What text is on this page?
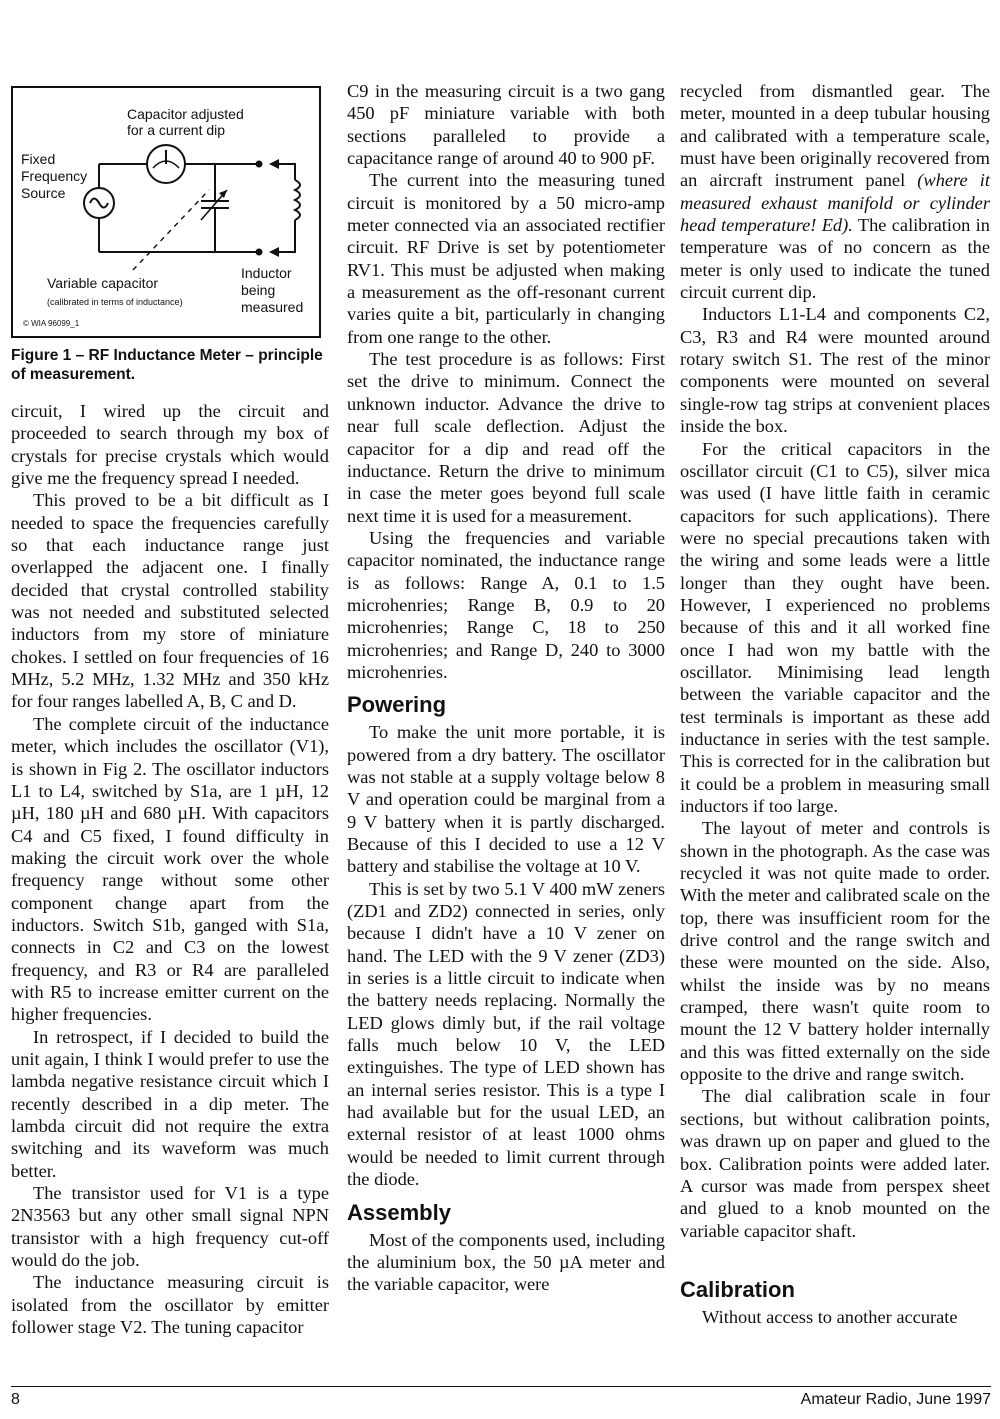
Capacitor adjusted
for a current dip
Fixed
Frequency
Source
Variable capacitor
(calibrated in terms of inductance)
Inductor
being
measured
© WIA 96099_1
Figure 1 – RF Inductance Meter – principle of measurement.

circuit, I wired up the circuit and proceeded to search through my box of crystals for precise crystals which would give me the frequency spread I needed.

This proved to be a bit difficult as I needed to space the frequencies carefully so that each inductance range just overlapped the adjacent one. I finally decided that crystal controlled stability was not needed and substituted selected inductors from my store of miniature chokes. I settled on four frequencies of 16 MHz, 5.2 MHz, 1.32 MHz and 350 kHz for four ranges labelled A, B, C and D.

The complete circuit of the inductance meter, which includes the oscillator (V1), is shown in Fig 2. The oscillator inductors L1 to L4, switched by S1a, are 1 µH, 12 µH, 180 µH and 680 µH. With capacitors C4 and C5 fixed, I found difficulty in making the circuit work over the whole frequency range without some other component change apart from the inductors. Switch S1b, ganged with S1a, connects in C2 and C3 on the lowest frequency, and R3 or R4 are paralleled with R5 to increase emitter current on the higher frequencies.

In retrospect, if I decided to build the unit again, I think I would prefer to use the lambda negative resistance circuit which I recently described in a dip meter. The lambda circuit did not require the extra switching and its waveform was much better.

The transistor used for V1 is a type 2N3563 but any other small signal NPN transistor with a high frequency cut-off would do the job.

The inductance measuring circuit is isolated from the oscillator by emitter follower stage V2. The tuning capacitor

C9 in the measuring circuit is a two gang 450 pF miniature variable with both sections paralleled to provide a capacitance range of around 40 to 900 pF.

The current into the measuring tuned circuit is monitored by a 50 micro-amp meter connected via an associated rectifier circuit. RF Drive is set by potentiometer RV1. This must be adjusted when making a measurement as the off-resonant current varies quite a bit, particularly in changing from one range to the other.

The test procedure is as follows: First set the drive to minimum. Connect the unknown inductor. Advance the drive to near full scale deflection. Adjust the capacitor for a dip and read off the inductance. Return the drive to minimum in case the meter goes beyond full scale next time it is used for a measurement.

Using the frequencies and variable capacitor nominated, the inductance range is as follows: Range A, 0.1 to 1.5 microhenries; Range B, 0.9 to 20 microhenries; Range C, 18 to 250 microhenries; and Range D, 240 to 3000 microhenries.

Powering

To make the unit more portable, it is powered from a dry battery. The oscillator was not stable at a supply voltage below 8 V and operation could be marginal from a 9 V battery when it is partly discharged. Because of this I decided to use a 12 V battery and stabilise the voltage at 10 V.

This is set by two 5.1 V 400 mW zeners (ZD1 and ZD2) connected in series, only because I didn't have a 10 V zener on hand. The LED with the 9 V zener (ZD3) in series is a little circuit to indicate when the battery needs replacing. Normally the LED glows dimly but, if the rail voltage falls much below 10 V, the LED extinguishes. The type of LED shown has an internal series resistor. This is a type I had available but for the usual LED, an external resistor of at least 1000 ohms would be needed to limit current through the diode.

Assembly

Most of the components used, including the aluminium box, the 50 µA meter and the variable capacitor, were

recycled from dismantled gear. The meter, mounted in a deep tubular housing and calibrated with a temperature scale, must have been originally recovered from an aircraft instrument panel (where it measured exhaust manifold or cylinder head temperature! Ed). The calibration in temperature was of no concern as the meter is only used to indicate the tuned circuit current dip.

Inductors L1-L4 and components C2, C3, R3 and R4 were mounted around rotary switch S1. The rest of the minor components were mounted on several single-row tag strips at convenient places inside the box.

For the critical capacitors in the oscillator circuit (C1 to C5), silver mica was used (I have little faith in ceramic capacitors for such applications). There were no special precautions taken with the wiring and some leads were a little longer than they ought have been. However, I experienced no problems because of this and it all worked fine once I had won my battle with the oscillator. Minimising lead length between the variable capacitor and the test terminals is important as these add inductance in series with the test sample. This is corrected for in the calibration but it could be a problem in measuring small inductors if too large.

The layout of meter and controls is shown in the photograph. As the case was recycled it was not quite made to order. With the meter and calibrated scale on the top, there was insufficient room for the drive control and the range switch and these were mounted on the side. Also, whilst the inside was by no means cramped, there wasn't quite room to mount the 12 V battery holder internally and this was fitted externally on the side opposite to the drive and range switch.

The dial calibration scale in four sections, but without calibration points, was drawn up on paper and glued to the box. Calibration points were added later. A cursor was made from perspex sheet and glued to a knob mounted on the variable capacitor shaft.

Calibration

Without access to another accurate

8	Amateur Radio, June 1997
